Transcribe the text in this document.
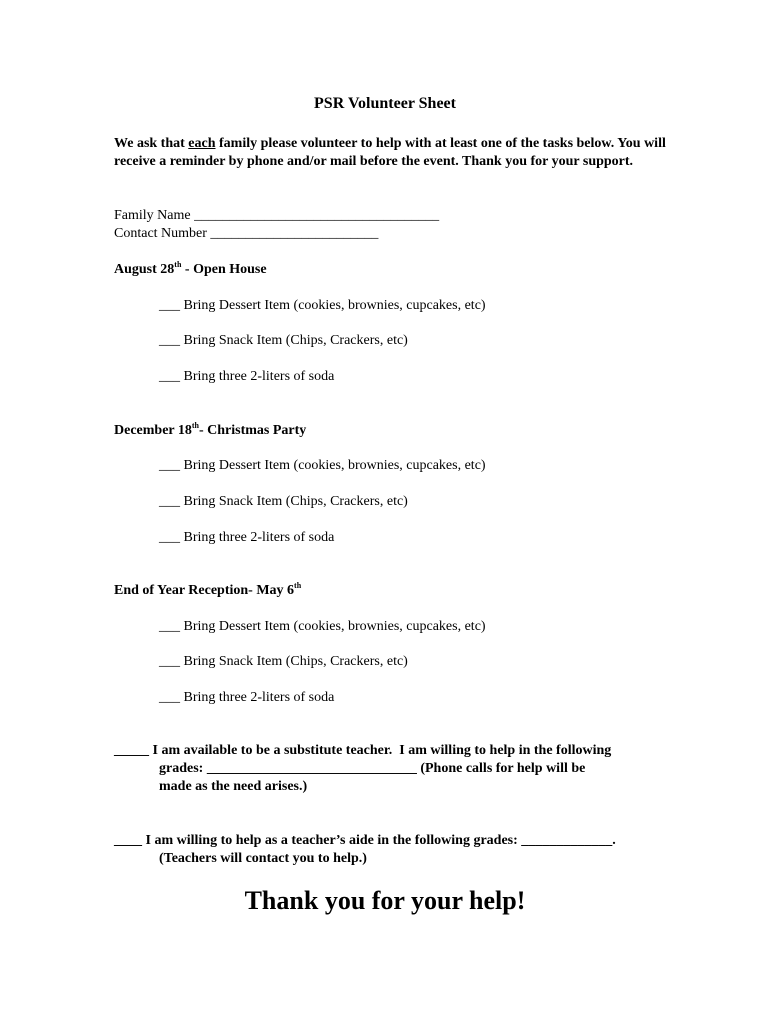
PSR Volunteer Sheet
We ask that each family please volunteer to help with at least one of the tasks below. You will receive a reminder by phone and/or mail before the event. Thank you for your support.
Family Name ___________________________________
Contact Number ________________________
August 28th - Open House
___ Bring Dessert Item (cookies, brownies, cupcakes, etc)
___ Bring Snack Item (Chips, Crackers, etc)
___ Bring three 2-liters of soda
December 18th- Christmas Party
___ Bring Dessert Item (cookies, brownies, cupcakes, etc)
___ Bring Snack Item (Chips, Crackers, etc)
___ Bring three 2-liters of soda
End of Year Reception- May 6th
___ Bring Dessert Item (cookies, brownies, cupcakes, etc)
___ Bring Snack Item (Chips, Crackers, etc)
___ Bring three 2-liters of soda
_____ I am available to be a substitute teacher.  I am willing to help in the following
grades: ______________________________ (Phone calls for help will be
made as the need arises.)
____ I am willing to help as a teacher’s aide in the following grades: _____________.
(Teachers will contact you to help.)
Thank you for your help!
